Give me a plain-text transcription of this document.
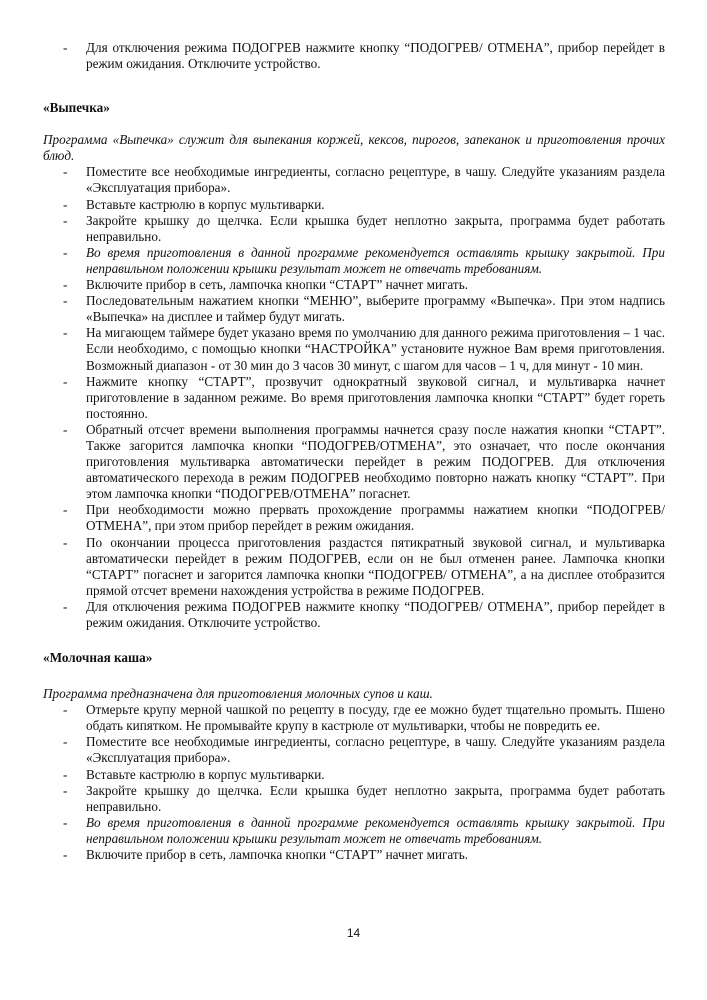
- Для отключения режима ПОДОГРЕВ нажмите кнопку “ПОДОГРЕВ/ ОТМЕНА”, прибор перейдет в режим ожидания. Отключите устройство.
«Выпечка»
Программа «Выпечка» служит для выпекания коржей, кексов, пирогов, запеканок и приготовления прочих блюд.
- Поместите все необходимые ингредиенты, согласно рецептуре, в чашу. Следуйте указаниям раздела «Эксплуатация прибора».
- Вставьте кастрюлю в корпус мультиварки.
- Закройте крышку до щелчка. Если крышка будет неплотно закрыта, программа будет работать неправильно.
- Во время приготовления в данной программе рекомендуется оставлять крышку закрытой. При неправильном положении крышки результат может не отвечать требованиям.
- Включите прибор в сеть, лампочка кнопки “СТАРТ” начнет мигать.
- Последовательным нажатием кнопки “МЕНЮ”, выберите программу «Выпечка». При этом надпись «Выпечка» на дисплее и таймер будут мигать.
- На мигающем таймере будет указано время по умолчанию для данного режима приготовления – 1 час. Если необходимо, с помощью кнопки “НАСТРОЙКА” установите нужное Вам время приготовления. Возможный диапазон - от 30 мин до 3 часов 30 минут, с шагом для часов – 1 ч, для минут - 10 мин.
- Нажмите кнопку “СТАРТ”, прозвучит однократный звуковой сигнал, и мультиварка начнет приготовление в заданном режиме. Во время приготовления лампочка кнопки “СТАРТ” будет гореть постоянно.
- Обратный отсчет времени выполнения программы начнется сразу после нажатия кнопки “СТАРТ”. Также загорится лампочка кнопки “ПОДОГРЕВ/ОТМЕНА”, это означает, что после окончания приготовления мультиварка автоматически перейдет в режим ПОДОГРЕВ. Для отключения автоматического перехода в режим ПОДОГРЕВ необходимо повторно нажать кнопку “СТАРТ”. При этом лампочка кнопки “ПОДОГРЕВ/ОТМЕНА” погаснет.
- При необходимости можно прервать прохождение программы нажатием кнопки “ПОДОГРЕВ/ ОТМЕНА”, при этом прибор перейдет в режим ожидания.
- По окончании процесса приготовления раздастся пятикратный звуковой сигнал, и мультиварка автоматически перейдет в режим ПОДОГРЕВ, если он не был отменен ранее. Лампочка кнопки “СТАРТ” погаснет и загорится лампочка кнопки “ПОДОГРЕВ/ ОТМЕНА”, а на дисплее отобразится прямой отсчет времени нахождения устройства в режиме ПОДОГРЕВ.
- Для отключения режима ПОДОГРЕВ нажмите кнопку “ПОДОГРЕВ/ ОТМЕНА”, прибор перейдет в режим ожидания. Отключите устройство.
«Молочная каша»
Программа предназначена для приготовления молочных супов и каш.
- Отмерьте крупу мерной чашкой по рецепту в посуду, где ее можно будет тщательно промыть. Пшено обдать кипятком. Не промывайте крупу в кастрюле от мультиварки, чтобы не повредить ее.
- Поместите все необходимые ингредиенты, согласно рецептуре, в чашу. Следуйте указаниям раздела «Эксплуатация прибора».
- Вставьте кастрюлю в корпус мультиварки.
- Закройте крышку до щелчка. Если крышка будет неплотно закрыта, программа будет работать неправильно.
- Во время приготовления в данной программе рекомендуется оставлять крышку закрытой. При неправильном положении крышки результат может не отвечать требованиям.
- Включите прибор в сеть, лампочка кнопки “СТАРТ” начнет мигать.
14
